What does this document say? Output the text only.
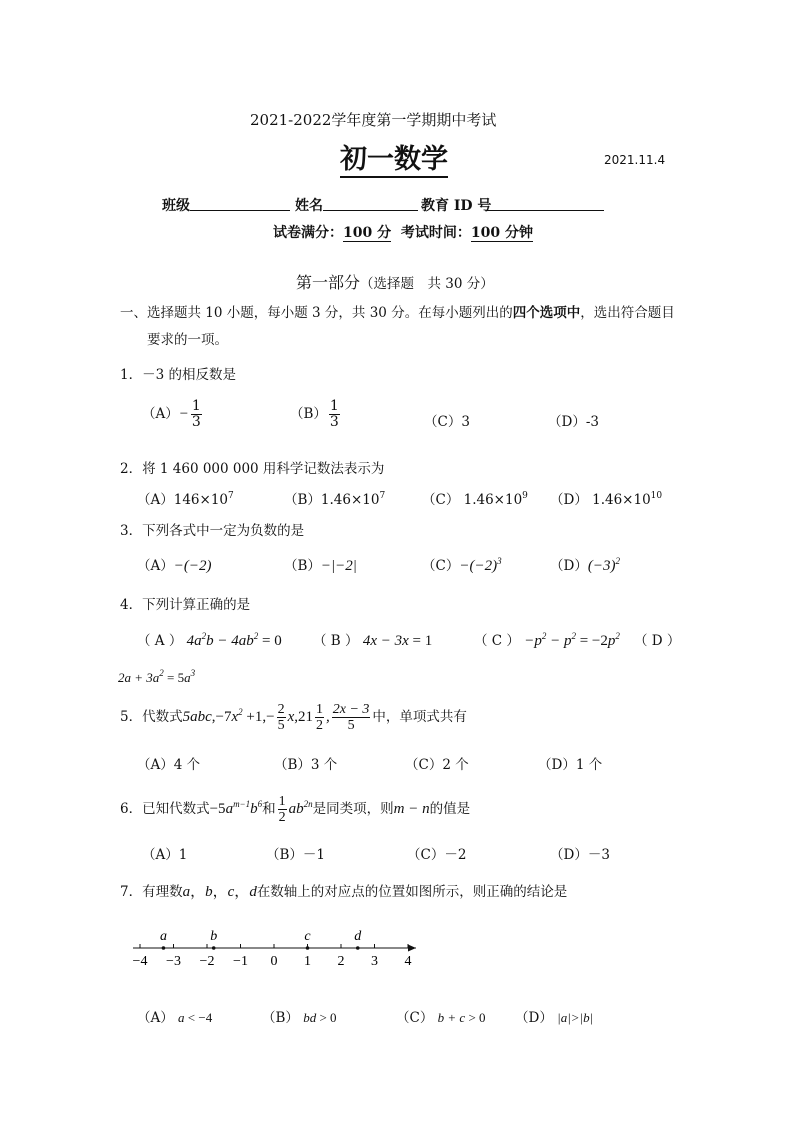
2021-2022学年度第一学期期中考试
初一数学	2021.11.4
班级	姓名	教育 ID 号
试卷满分：100 分 考试时间：100 分钟
第一部分（选择题　共 30 分）
一、选择题共 10 小题，每小题 3 分，共 30 分。在每小题列出的四个选项中，选出符合题目
要求的一项。
1．－3 的相反数是
$(A)- \frac{1}{3}$	$(B) \frac{1}{3}$	（C）3	（D）-3
2．将 1 460 000 000 用科学记数法表示为
$(A)146\times 10^7$	$(B)1.46\times 10^7$	（C） $1.46\times 10^9$ （D） $1.46\times 10^{10}$
3．下列各式中一定为负数的是
（A）−(−2)	（B）−|−2|	$(C)-(-2)^3$	$(D)(-3)^2$
4．下列计算正确的是
（ A ） $4a^2b - 4ab^2 = 0$ （ B ） 4x − 3x = 1	（ C ） $-p^2 - p^2 = -2p^2$ （ D ）
$2a + 3a^2 = 5a^3$
5．代数式$5abc,-7x^2 +1,- \frac{2}{5} x,21 \frac{1}{2}$ , $\frac{2x - 3}{5}$ 中，单项式共有
（A）4 个	（B）3 个	（C）2 个	（D）1 个
6．已知代数式$-5a^{m-1}b^6$和 $\frac{1}{2} ab^{2n}$是同类项，则m − n的值是
（A）1	（B）－1	（C）－2	（D）－3
7．有理数a，b，c，d在数轴上的对应点的位置如图所示，则正确的结论是
−4 −3 −2 −1 0 1 2 3 4
a	b	c	d
（A） a < −4	（B） bd > 0	（C） b + c > 0 （D） |a|>|b|
